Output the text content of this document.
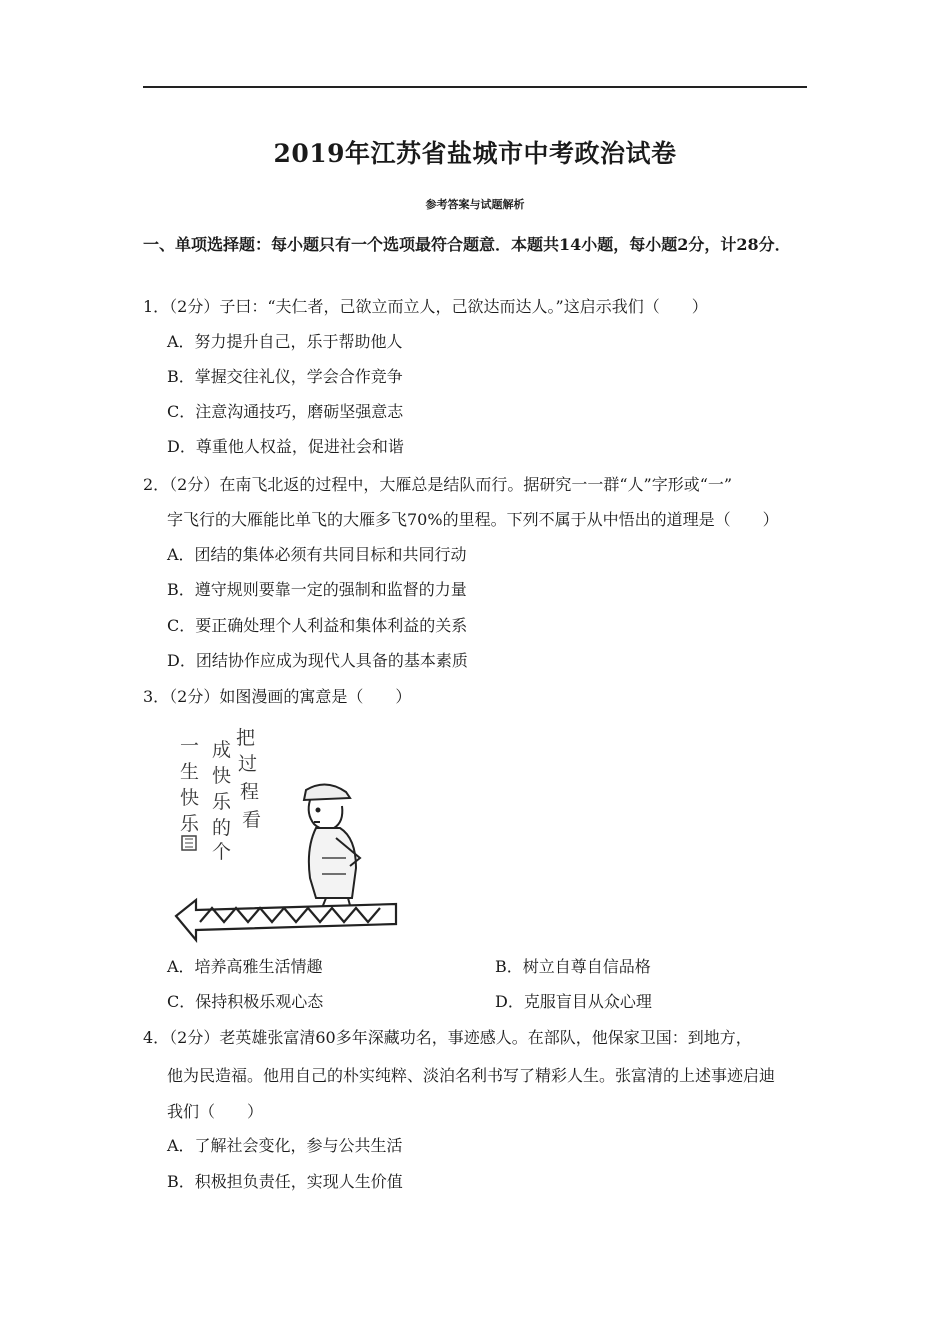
2019年江苏省盐城市中考政治试卷
参考答案与试题解析
一、单项选择题：每小题只有一个选项最符合题意．本题共14小题，每小题2分，计28分．
1．（2分）子曰：“夫仁者，己欲立而立人，己欲达而达人。”这启示我们（　　）
A．努力提升自己，乐于帮助他人
B．掌握交往礼仪，学会合作竞争
C．注意沟通技巧，磨砺坚强意志
D．尊重他人权益，促进社会和谐
2．（2分）在南飞北返的过程中，大雁总是结队而行。据研究一一群“人”字形或“一”
字飞行的大雁能比单飞的大雁多飞70%的里程。下列不属于从中悟出的道理是（　　）
A．团结的集体必须有共同目标和共同行动
B．遵守规则要靠一定的强制和监督的力量
C．要正确处理个人利益和集体利益的关系
D．团结协作应成为现代人具备的基本素质
3．（2分）如图漫画的寓意是（　　）
一
生
快
乐
成
快
乐
的
个
把
过
程
看
A．培养高雅生活情趣	B．树立自尊自信品格
C．保持积极乐观心态	D．克服盲目从众心理
4．（2分）老英雄张富清60多年深藏功名，事迹感人。在部队，他保家卫国：到地方，
他为民造福。他用自己的朴实纯粹、淡泊名利书写了精彩人生。张富清的上述事迹启迪
我们（　　）
A．了解社会变化，参与公共生活
B．积极担负责任，实现人生价值
